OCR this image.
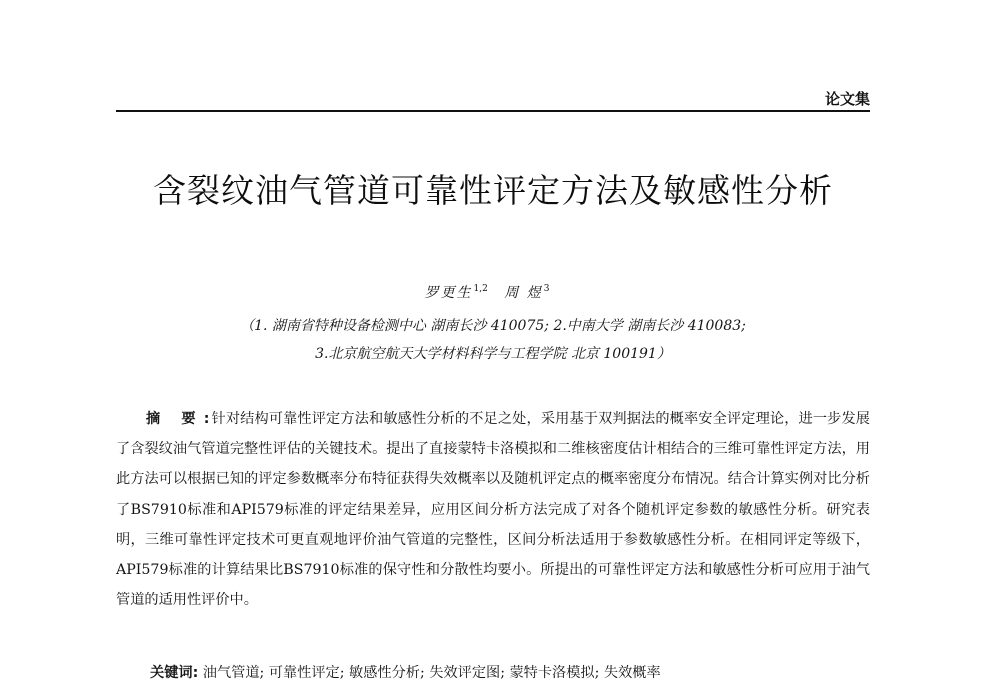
论文集
含裂纹油气管道可靠性评定方法及敏感性分析
罗更生$^{1,2}$ 周 煜$^3$
（1. 湖南省特种设备检测中心 湖南长沙 410075; 2.中南大学 湖南长沙 410083;
3.北京航空航天大学材料科学与工程学院 北京 100191）
摘 要:针对结构可靠性评定方法和敏感性分析的不足之处，采用基于双判据法的概率安全评定理论，进一步发展了含裂纹油气管道完整性评估的关键技术。提出了直接蒙特卡洛模拟和二维核密度估计相结合的三维可靠性评定方法，用此方法可以根据已知的评定参数概率分布特征获得失效概率以及随机评定点的概率密度分布情况。结合计算实例对比分析了BS7910标准和API579标准的评定结果差异，应用区间分析方法完成了对各个随机评定参数的敏感性分析。研究表明，三维可靠性评定技术可更直观地评价油气管道的完整性，区间分析法适用于参数敏感性分析。在相同评定等级下，API579标准的计算结果比BS7910标准的保守性和分散性均要小。所提出的可靠性评定方法和敏感性分析可应用于油气管道的适用性评价中。
关键词: 油气管道; 可靠性评定; 敏感性分析; 失效评定图; 蒙特卡洛模拟; 失效概率
